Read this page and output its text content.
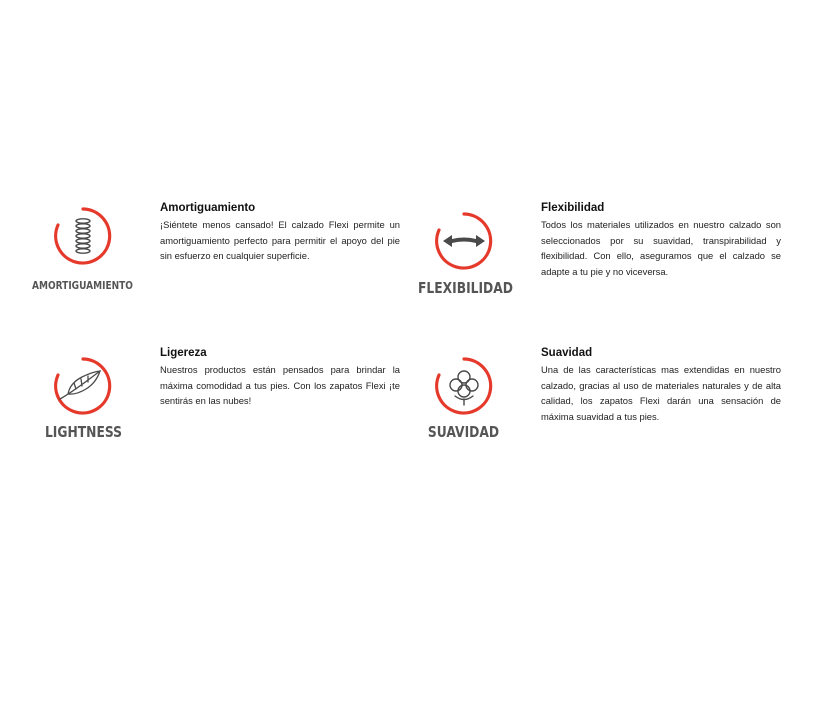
AMORTIGUAMIENTO
Amortiguamiento

¡Siéntete menos cansado! El calzado Flexi permite un amortiguamiento perfecto para permitir el apoyo del pie sin esfuerzo en cualquier superficie.

FLEXIBILIDAD
Flexibilidad

Todos los materiales utilizados en nuestro calzado son seleccionados por su suavidad, transpirabilidad y flexibilidad. Con ello, aseguramos que el calzado se adapte a tu pie y no viceversa.

LIGHTNESS
Ligereza

Nuestros productos están pensados para brindar la máxima comodidad a tus pies. Con los zapatos Flexi ¡te sentirás en las nubes!

SUAVIDAD
Suavidad

Una de las características mas extendidas en nuestro calzado, gracias al uso de materiales naturales y de alta calidad, los zapatos Flexi darán una sensación de máxima suavidad a tus pies.
